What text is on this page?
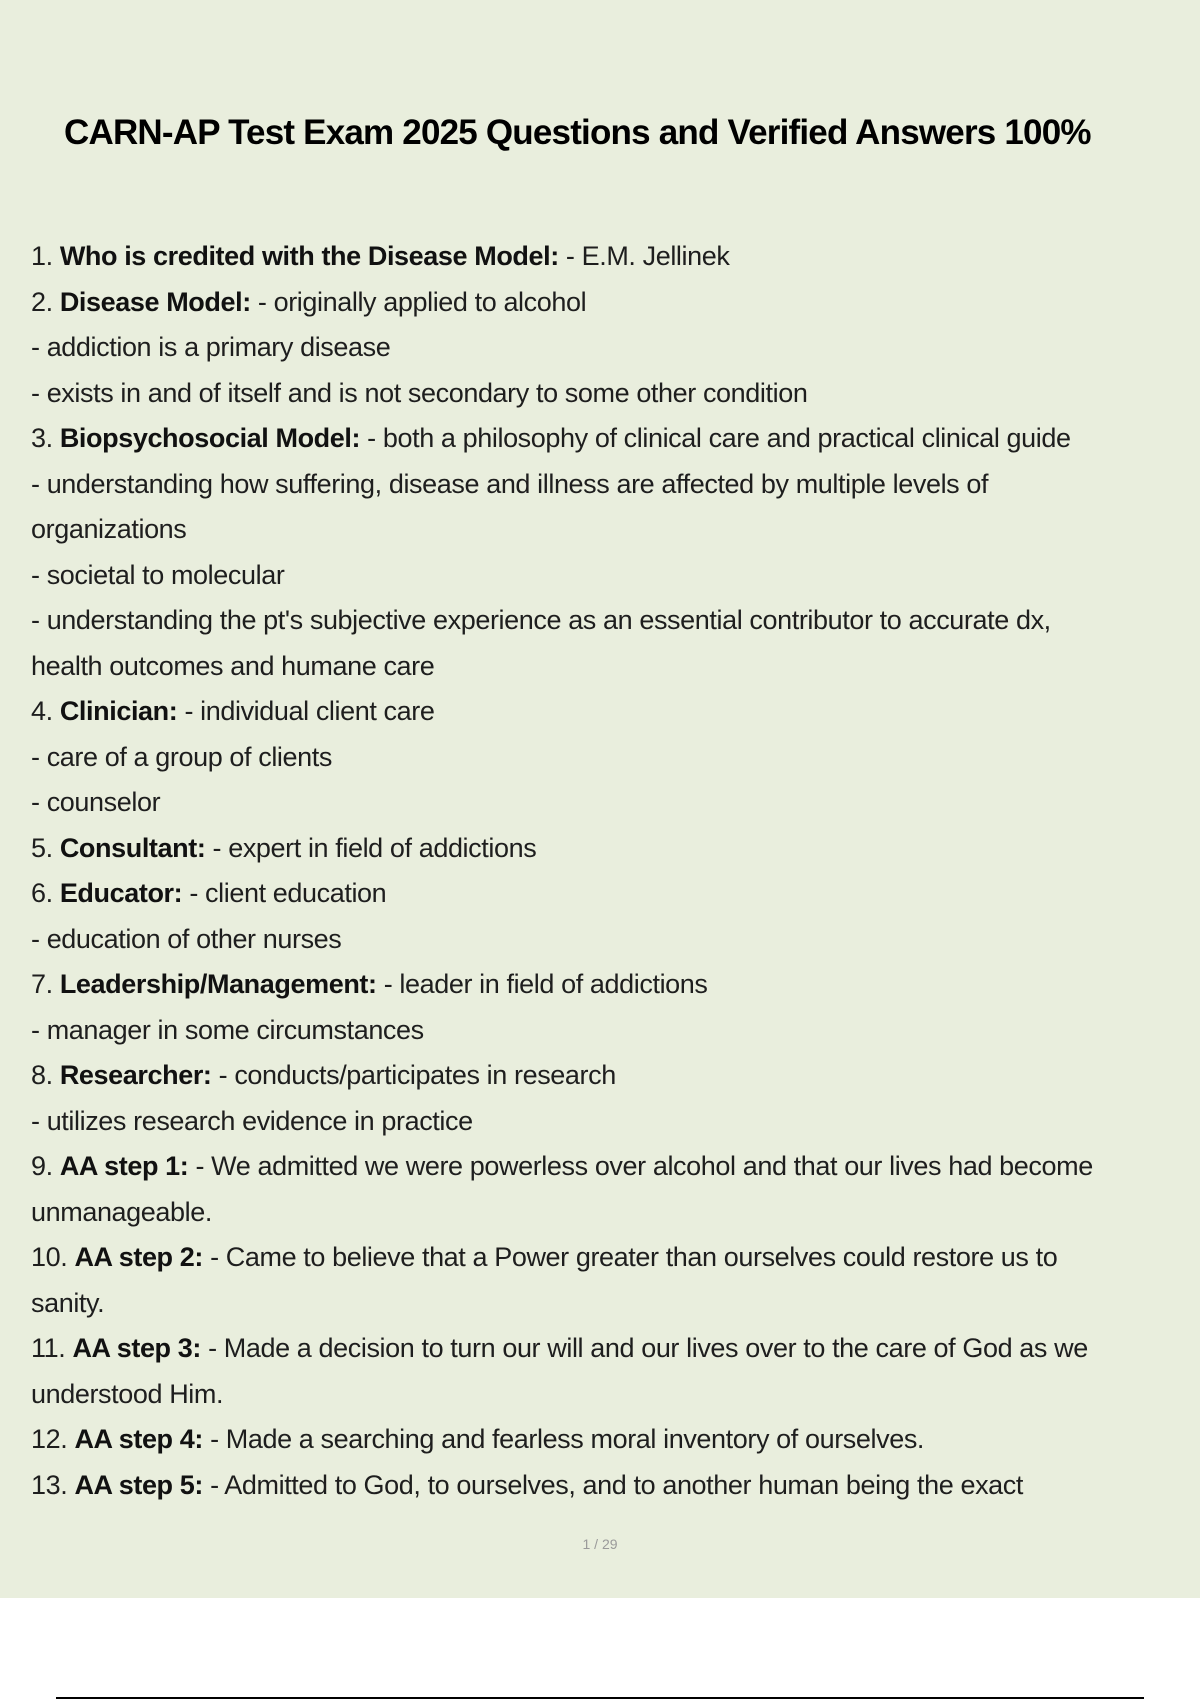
CARN-AP Test Exam 2025 Questions and Verified Answers 100%
1. Who is credited with the Disease Model: - E.M. Jellinek
2. Disease Model: - originally applied to alcohol
- addiction is a primary disease
- exists in and of itself and is not secondary to some other condition
3. Biopsychosocial Model: - both a philosophy of clinical care and practical clinical guide
- understanding how suffering, disease and illness are affected by multiple levels of
organizations
- societal to molecular
- understanding the pt's subjective experience as an essential contributor to accurate dx,
health outcomes and humane care
4. Clinician: - individual client care
- care of a group of clients
- counselor
5. Consultant: - expert in field of addictions
6. Educator: - client education
- education of other nurses
7. Leadership/Management: - leader in field of addictions
- manager in some circumstances
8. Researcher: - conducts/participates in research
- utilizes research evidence in practice
9. AA step 1: - We admitted we were powerless over alcohol and that our lives had become
unmanageable.
10. AA step 2: - Came to believe that a Power greater than ourselves could restore us to
sanity.
11. AA step 3: - Made a decision to turn our will and our lives over to the care of God as we
understood Him.
12. AA step 4: - Made a searching and fearless moral inventory of ourselves.
13. AA step 5: - Admitted to God, to ourselves, and to another human being the exact
1 / 29
